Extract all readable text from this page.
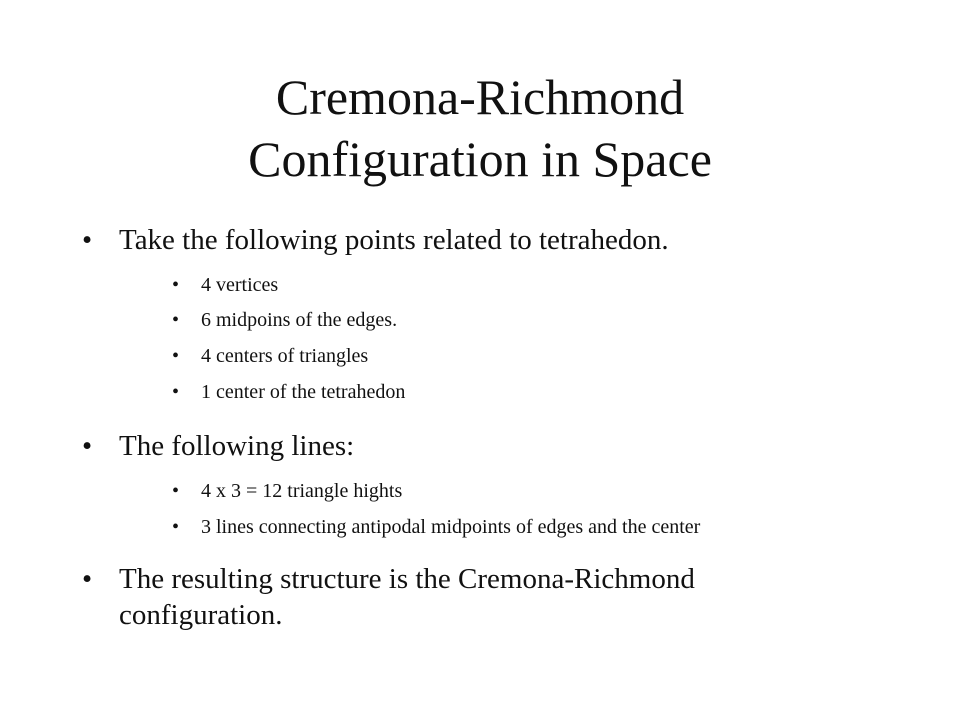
Cremona-Richmond
Configuration in Space
• Take the following points related to tetrahedon.
• 4 vertices
• 6 midpoins of the edges.
• 4 centers of triangles
• 1 center of the tetrahedon
• The following lines:
• 4 x 3 = 12 triangle hights
• 3 lines connecting antipodal midpoints of edges and the center
• The resulting structure is the Cremona-Richmond
configuration.
